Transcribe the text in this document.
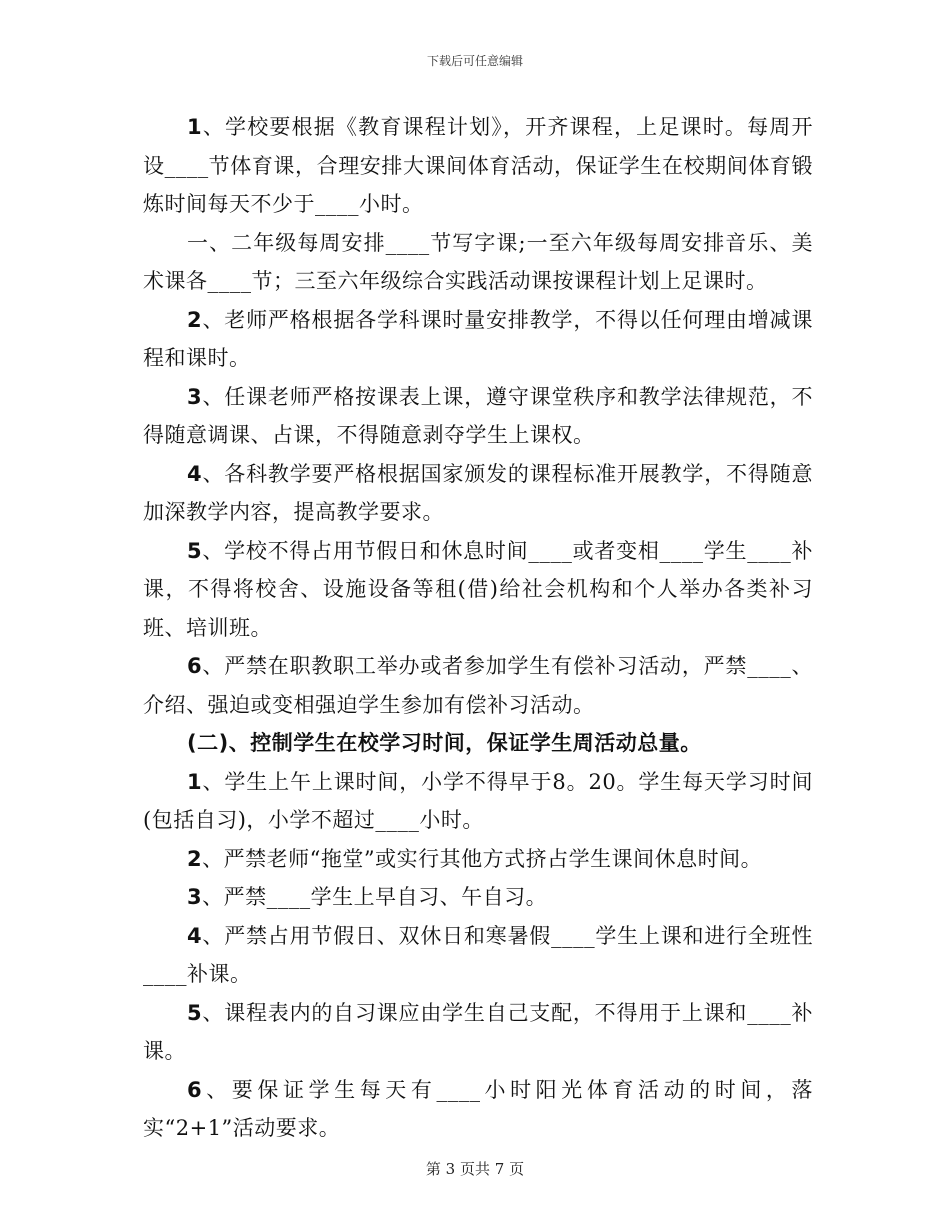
下载后可任意编辑

1、学校要根据《教育课程计划》，开齐课程，上足课时。每周开设____节体育课，合理安排大课间体育活动，保证学生在校期间体育锻炼时间每天不少于____小时。

一、二年级每周安排____节写字课;一至六年级每周安排音乐、美术课各____节；三至六年级综合实践活动课按课程计划上足课时。

2、老师严格根据各学科课时量安排教学，不得以任何理由增减课程和课时。

3、任课老师严格按课表上课，遵守课堂秩序和教学法律规范，不得随意调课、占课，不得随意剥夺学生上课权。

4、各科教学要严格根据国家颁发的课程标准开展教学，不得随意加深教学内容，提高教学要求。

5、学校不得占用节假日和休息时间____或者变相____学生____补课，不得将校舍、设施设备等租(借)给社会机构和个人举办各类补习班、培训班。

6、严禁在职教职工举办或者参加学生有偿补习活动，严禁____、介绍、强迫或变相强迫学生参加有偿补习活动。

(二)、控制学生在校学习时间，保证学生周活动总量。

1、学生上午上课时间，小学不得早于8。20。学生每天学习时间(包括自习)，小学不超过____小时。

2、严禁老师“拖堂”或实行其他方式挤占学生课间休息时间。

3、严禁____学生上早自习、午自习。

4、严禁占用节假日、双休日和寒暑假____学生上课和进行全班性____补课。

5、课程表内的自习课应由学生自己支配，不得用于上课和____补课。

6、要保证学生每天有____小时阳光体育活动的时间，落实“2+1”活动要求。

第 3 页共 7 页
